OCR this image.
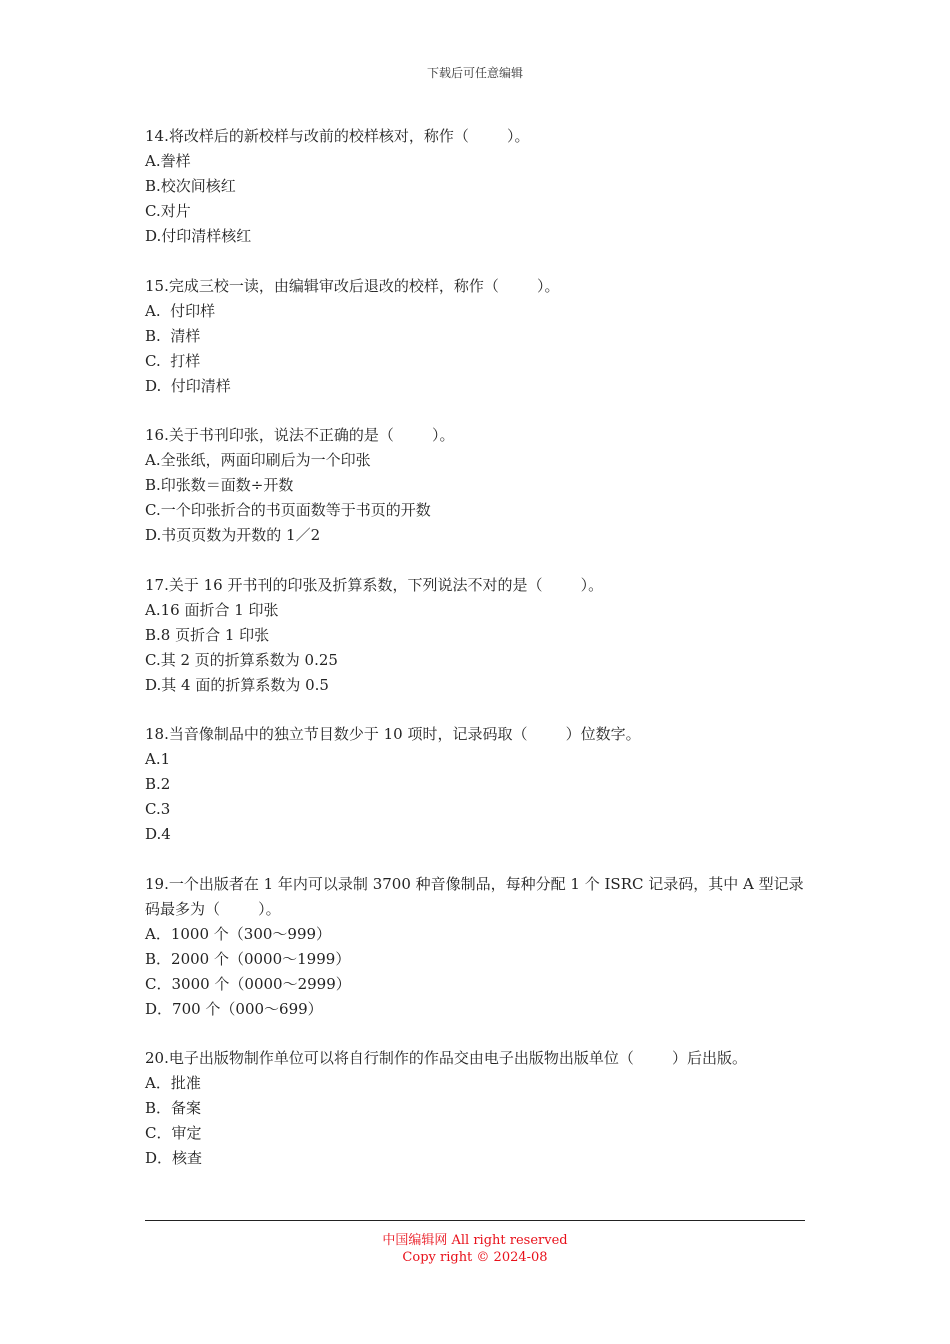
下载后可任意编辑
14.将改样后的新校样与改前的校样核对，称作（        ）。
A.誊样
B.校次间核红
C.对片
D.付印清样核红
15.完成三校一读，由编辑审改后退改的校样，称作（        ）。
A.  付印样
B.  清样
C.  打样
D.  付印清样
16.关于书刊印张，说法不正确的是（        ）。
A.全张纸，两面印刷后为一个印张
B.印张数＝面数÷开数
C.一个印张折合的书页面数等于书页的开数
D.书页页数为开数的 1／2
17.关于 16 开书刊的印张及折算系数，下列说法不对的是（        ）。
A.16 面折合 1 印张
B.8 页折合 1 印张
C.其 2 页的折算系数为 0.25
D.其 4 面的折算系数为 0.5
18.当音像制品中的独立节目数少于 10 项时，记录码取（        ）位数字。
A.1
B.2
C.3
D.4
19.一个出版者在 1 年内可以录制 3700 种音像制品，每种分配 1 个 ISRC 记录码，其中 A 型记录码最多为（        ）。
A．1000 个（300～999）
B．2000 个（0000～1999）
C．3000 个（0000～2999）
D．700 个（000～699）
20.电子出版物制作单位可以将自行制作的作品交由电子出版物出版单位（        ）后出版。
A．批准
B．备案
C．审定
D．核查
中国编辑网 All right reserved
Copy right © 2024-08
